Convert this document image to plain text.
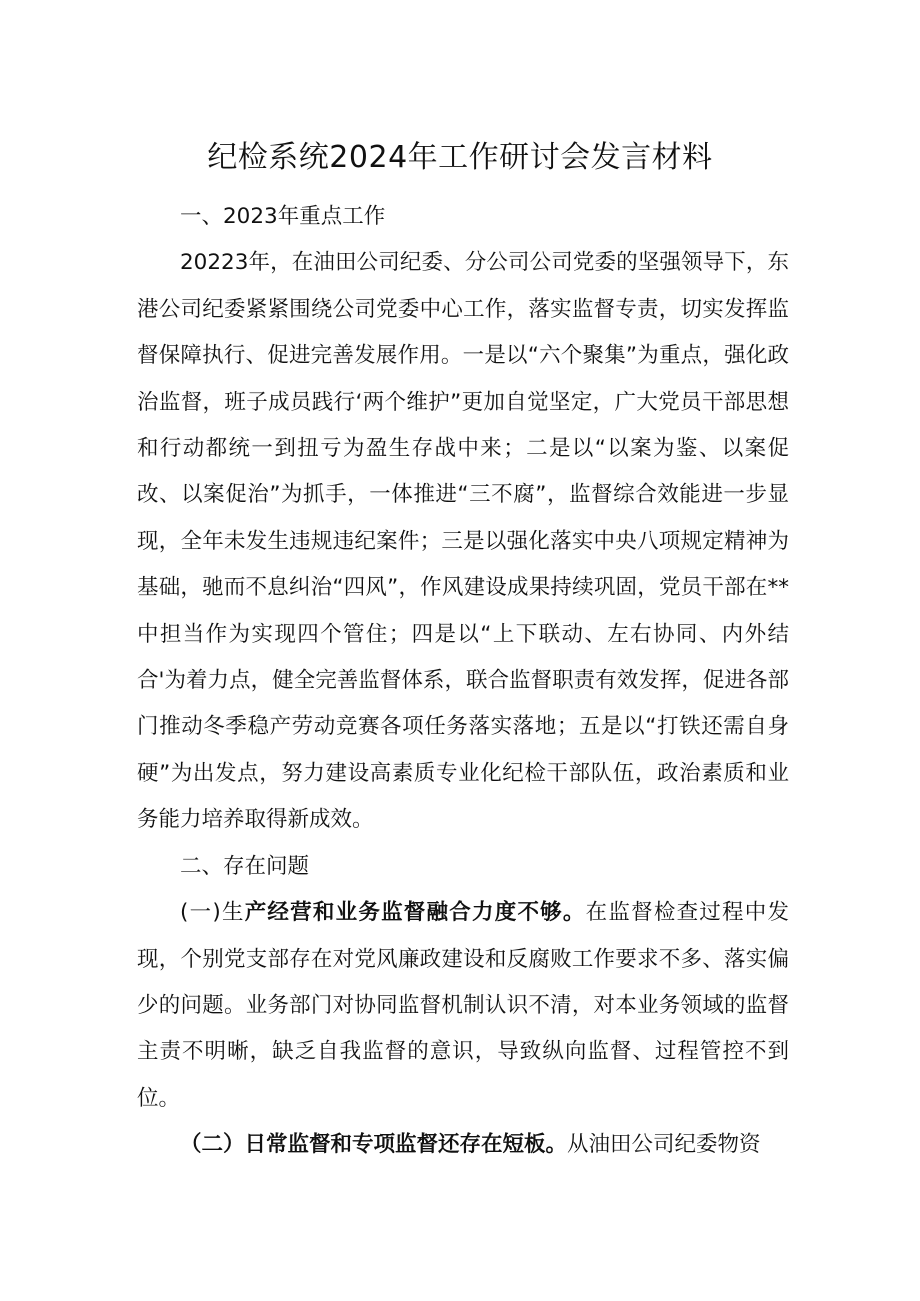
纪检系统2024年工作研讨会发言材料

一、2023年重点工作

20223年，在油田公司纪委、分公司公司党委的坚强领导下，东港公司纪委紧紧围绕公司党委中心工作，落实监督专责，切实发挥监督保障执行、促进完善发展作用。一是以“六个聚集”为重点，强化政治监督，班子成员践行‘两个维护”更加自觉坚定，广大党员干部思想和行动都统一到扭亏为盈生存战中来；二是以“以案为鉴、以案促改、以案促治”为抓手，一体推进“三不腐”，监督综合效能进一步显现，全年未发生违规违纪案件；三是以强化落实中央八项规定精神为基础，驰而不息纠治“四风”，作风建设成果持续巩固，党员干部在**中担当作为实现四个管住；四是以“上下联动、左右协同、内外结合'为着力点，健全完善监督体系，联合监督职责有效发挥，促进各部门推动冬季稳产劳动竞赛各项任务落实落地；五是以“打铁还需自身硬”为出发点，努力建设高素质专业化纪检干部队伍，政治素质和业务能力培养取得新成效。

二、存在问题

(一)生产经营和业务监督融合力度不够。在监督检查过程中发现，个别党支部存在对党风廉政建设和反腐败工作要求不多、落实偏少的问题。业务部门对协同监督机制认识不清，对本业务领域的监督主责不明晰，缺乏自我监督的意识，导致纵向监督、过程管控不到位。

（二）日常监督和专项监督还存在短板。从油田公司纪委物资
